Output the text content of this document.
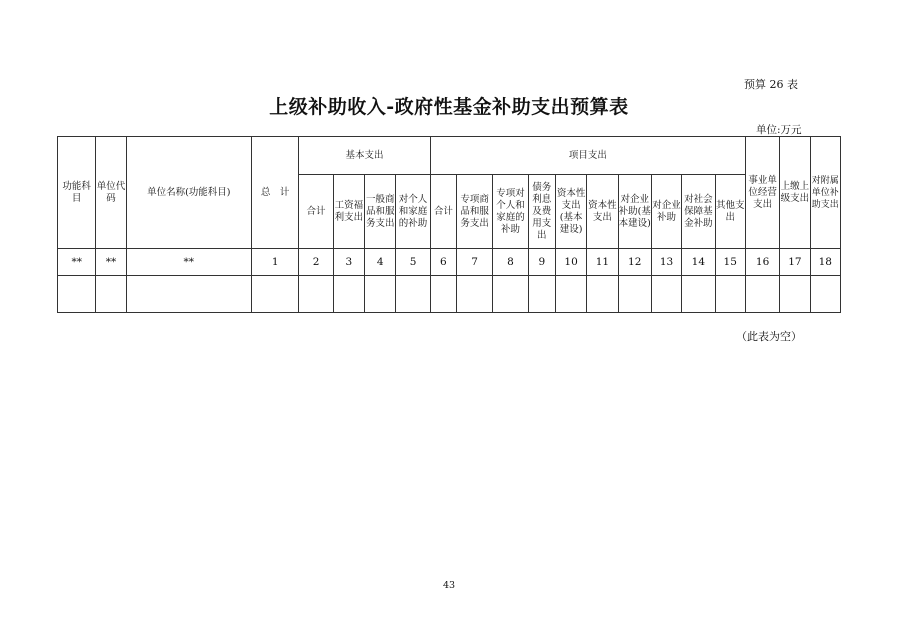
预算 26 表
上级补助收入-政府性基金补助支出预算表
单位:万元
功能科目	单位代码	单位名称(功能科目)	总　计	基本支出				项目支出										事业单位经营支出	上缴上级支出	对附属单位补助支出
				合计	工资福利支出	一般商品和服务支出	对个人和家庭的补助	合计	专项商品和服务支出	专项对个人和家庭的补助	债务利息及费用支出	资本性支出(基本建设)	资本性支出	对企业补助(基本建设)	对企业补助	对社会保障基金补助	其他支出			
**	**	**	1	2	3	4	5	6	7	8	9	10	11	12	13	14	15	16	17	18

（此表为空）
43
